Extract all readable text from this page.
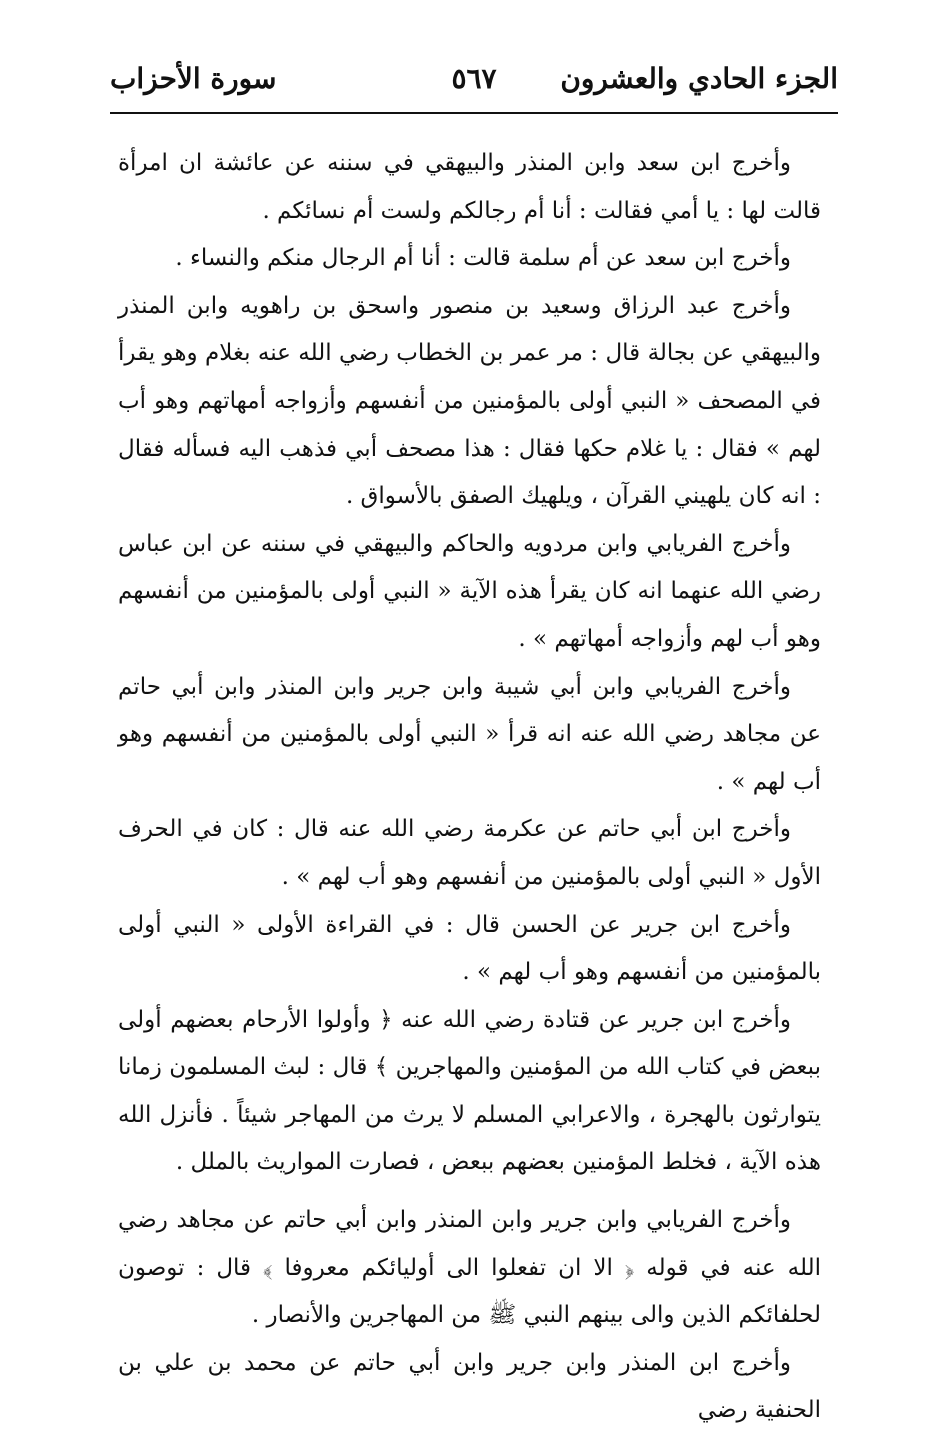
الجزء الحادي والعشرون
٥٦٧
سورة الأحزاب

وأخرج ابن سعد وابن المنذر والبيهقي في سننه عن عائشة ان امرأة قالت لها : يا أمي فقالت : أنا أم رجالكم ولست أم نسائكم .

وأخرج ابن سعد عن أم سلمة قالت : أنا أم الرجال منكم والنساء .

وأخرج عبد الرزاق وسعيد بن منصور واسحق بن راهويه وابن المنذر والبيهقي عن بجالة قال : مر عمر بن الخطاب رضي الله عنه بغلام وهو يقرأ في المصحف « النبي أولى بالمؤمنين من أنفسهم وأزواجه أمهاتهم وهو أب لهم » فقال : يا غلام حكها فقال : هذا مصحف أبي فذهب اليه فسأله فقال : انه كان يلهيني القرآن ، ويلهيك الصفق بالأسواق .

وأخرج الفريابي وابن مردويه والحاكم والبيهقي في سننه عن ابن عباس رضي الله عنهما انه كان يقرأ هذه الآية « النبي أولى بالمؤمنين من أنفسهم وهو أب لهم وأزواجه أمهاتهم » .

وأخرج الفريابي وابن أبي شيبة وابن جرير وابن المنذر وابن أبي حاتم عن مجاهد رضي الله عنه انه قرأ « النبي أولى بالمؤمنين من أنفسهم وهو أب لهم » .

وأخرج ابن أبي حاتم عن عكرمة رضي الله عنه قال : كان في الحرف الأول « النبي أولى بالمؤمنين من أنفسهم وهو أب لهم » .

وأخرج ابن جرير عن الحسن قال : في القراءة الأولى « النبي أولى بالمؤمنين من أنفسهم وهو أب لهم » .

وأخرج ابن جرير عن قتادة رضي الله عنه ﴿ وأولوا الأرحام بعضهم أولى ببعض في كتاب الله من المؤمنين والمهاجرين ﴾ قال : لبث المسلمون زمانا يتوارثون بالهجرة ، والاعرابي المسلم لا يرث من المهاجر شيئاً . فأنزل الله هذه الآية ، فخلط المؤمنين بعضهم ببعض ، فصارت المواريث بالملل .

وأخرج الفريابي وابن جرير وابن المنذر وابن أبي حاتم عن مجاهد رضي الله عنه في قوله ﴿ الا ان تفعلوا الى أوليائكم معروفا ﴾ قال : توصون لحلفائكم الذين والى بينهم النبي ﷺ من المهاجرين والأنصار .

وأخرج ابن المنذر وابن جرير وابن أبي حاتم عن محمد بن علي بن الحنفية رضي
